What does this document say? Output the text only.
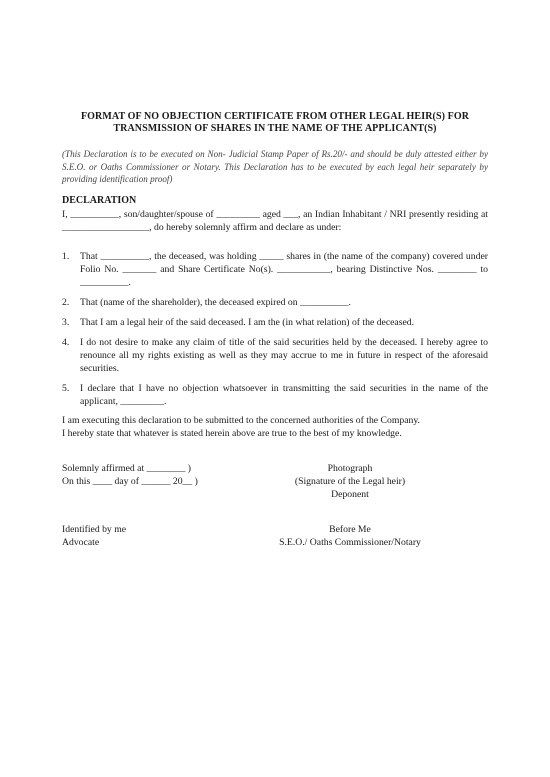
FORMAT OF NO OBJECTION CERTIFICATE FROM OTHER LEGAL HEIR(S) FOR TRANSMISSION OF SHARES IN THE NAME OF THE APPLICANT(S)
(This Declaration is to be executed on Non- Judicial Stamp Paper of Rs.20/- and should be duly attested either by S.E.O. or Oaths Commissioner or Notary. This Declaration has to be executed by each legal heir separately by providing identification proof)
DECLARATION
I, __________, son/daughter/spouse of _________ aged ___, an Indian Inhabitant / NRI presently residing at __________________, do hereby solemnly affirm and declare as under:
1. That __________, the deceased, was holding _____ shares in (the name of the company) covered under Folio No. _______ and Share Certificate No(s). ___________, bearing Distinctive Nos. ________ to __________.
2. That (name of the shareholder), the deceased expired on __________.
3. That I am a legal heir of the said deceased. I am the (in what relation) of the deceased.
4. I do not desire to make any claim of title of the said securities held by the deceased. I hereby agree to renounce all my rights existing as well as they may accrue to me in future in respect of the aforesaid securities.
5. I declare that I have no objection whatsoever in transmitting the said securities in the name of the applicant, _________.
I am executing this declaration to be submitted to the concerned authorities of the Company.
I hereby state that whatever is stated herein above are true to the best of my knowledge.
Solemnly affirmed at ________ )
On this ____ day of ______ 20__ )
Photograph
(Signature of the Legal heir)
Deponent
Identified by me
Advocate
Before Me
S.E.O./ Oaths Commissioner/Notary
